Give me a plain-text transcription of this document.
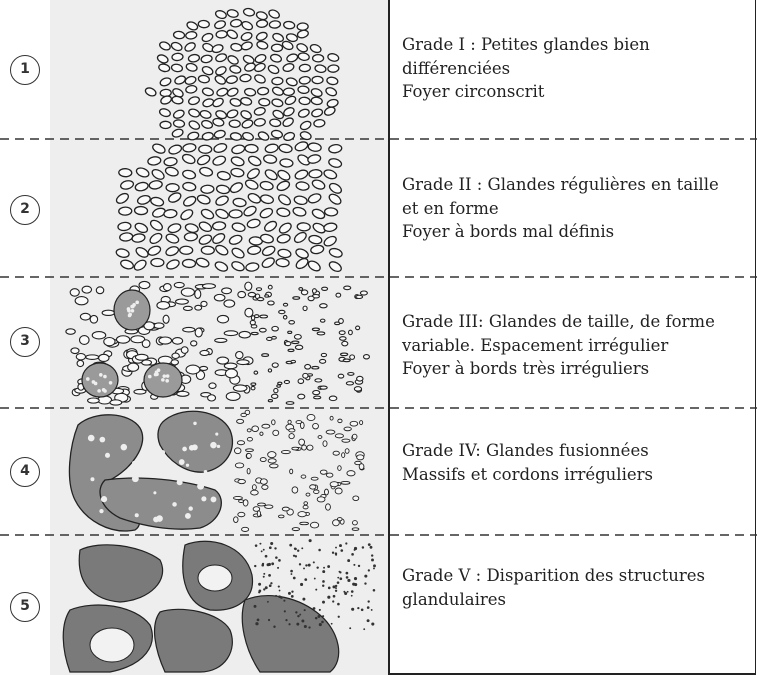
1
2
3
4
5
Grade I : Petites glandes bien
différenciées
Foyer circonscrit
Grade II : Glandes régulières en taille
et en forme
Foyer à bords mal définis
Grade III: Glandes de taille, de forme
variable. Espacement irrégulier
Foyer à bords très irréguliers
Grade IV: Glandes fusionnées
Massifs et cordons irréguliers
Grade V : Disparition des structures
glandulaires
